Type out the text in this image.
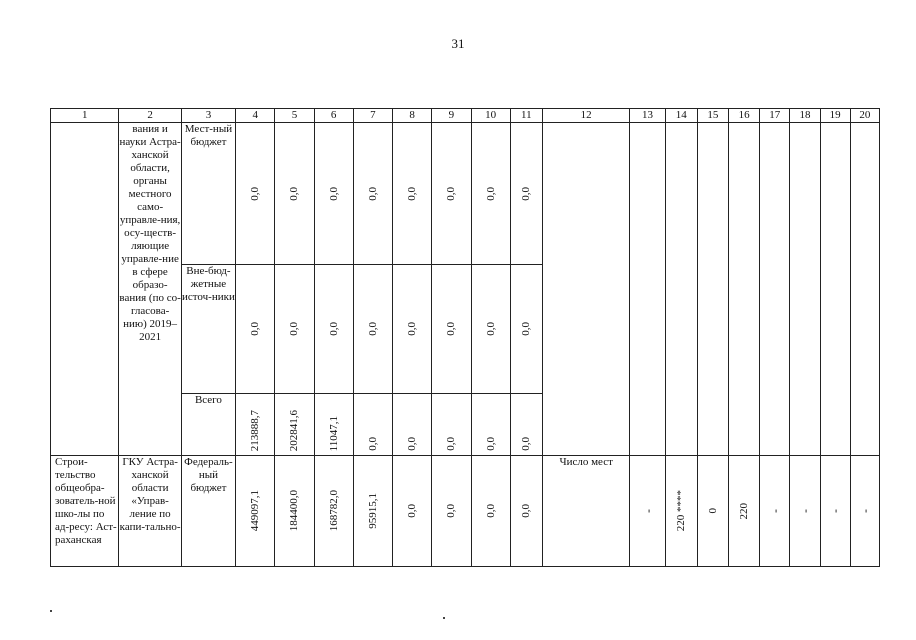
31
1	2	3	4	5	6	7	8	9	10	11	12	13	14	15	16	17	18	19	20
	вания и науки Астра-ханской области, органы местного само-управле-ния, осу-ществ-ляющие управле-ние в сфере образо-вания (по со-гласова-нию) 2019–2021	Мест-ный бюджет	0,0	0,0	0,0	0,0	0,0	0,0	0,0	0,0									

		Вне-бюд-жетные источ-ники	0,0	0,0	0,0	0,0	0,0	0,0	0,0	0,0									

		Всего	213888,7	202841,6	11047,1	0,0	0,0	0,0	0,0	0,0									

Строи-тельство общеобра-зователь-ной шко-лы по ад-ресу: Аст-раханская	ГКУ Астра-ханской области «Управ-ление по капи-тально-	Федераль-ный бюджет	449097,1	184400,0	168782,0	95915,1	0,0	0,0	0,0	0,0	Число мест	-	220 ****	0	220	-	-	-	-
